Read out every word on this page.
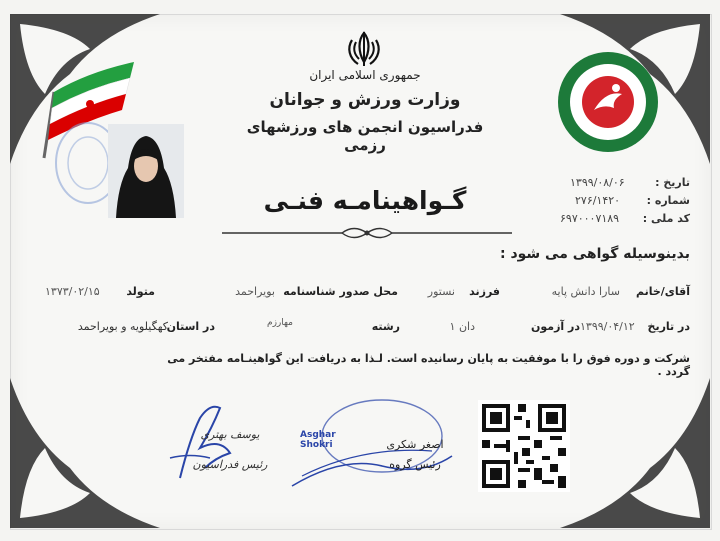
جمهوری اسلامی ایران
وزارت ورزش و جوانان
فدراسیون انجمن های ورزشهای رزمی
گـواهینامـه فنـی
تاریخ :
۱۳۹۹/۰۸/۰۶
شماره :
۲۷۶/۱۴۲۰
کد ملی :
۶۹۷۰۰۰۷۱۸۹
بدینوسیله گواهی می شود :
آقای/خانم
سارا دانش پایه
فرزند
نستور
محل صدور شناسنامه
بویراحمد
متولد
۱۳۷۳/۰۲/۱۵
در تاریخ
۱۳۹۹/۰۴/۱۲
در آزمون
دان ۱
رشته
مهارزم
در استان
کهگیلویه و بویراحمد
شرکت و دوره فوق را با موفقیت به پایان رسانیده است. لـذا به دریافت این گواهینـامه مفتخر می گردد .
یوسف بهتری
رئیس فدراسیون
Asghar Shokri	اصغر شکری
رئیس گروه
